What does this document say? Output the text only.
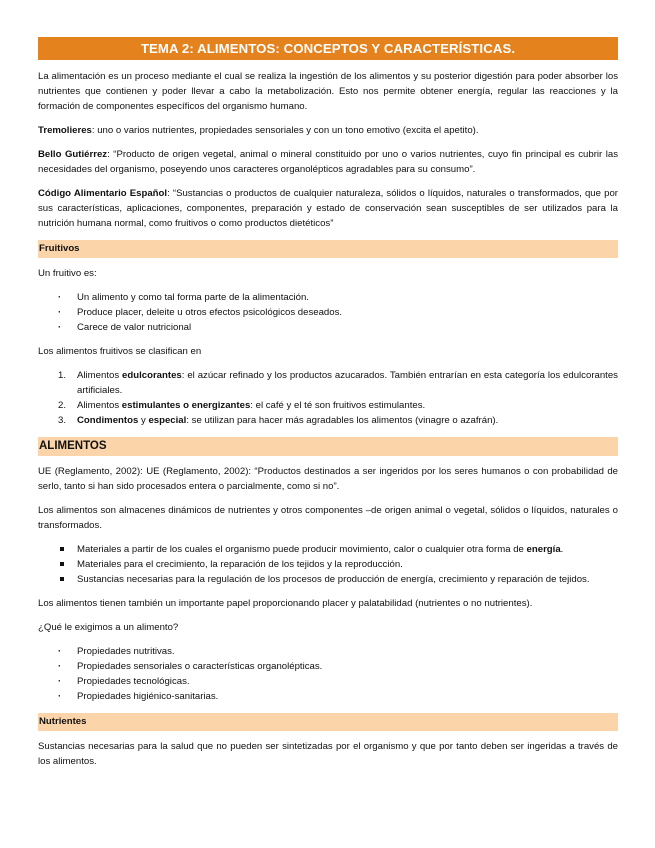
TEMA 2: ALIMENTOS: CONCEPTOS Y CARACTERÍSTICAS.

La alimentación es un proceso mediante el cual se realiza la ingestión de los alimentos y su posterior digestión para poder absorber los nutrientes que contienen y poder llevar a cabo la metabolización. Esto nos permite obtener energía, regular las reacciones y la formación de componentes específicos del organismo humano.

Tremolieres: uno o varios nutrientes, propiedades sensoriales y con un tono emotivo (excita el apetito).

Bello Gutiérrez: “Producto de origen vegetal, animal o mineral constituido por uno o varios nutrientes, cuyo fin principal es cubrir las necesidades del organismo, poseyendo unos caracteres organolépticos agradables para su consumo”.

Código Alimentario Español: “Sustancias o productos de cualquier naturaleza, sólidos o líquidos, naturales o transformados, que por sus características, aplicaciones, componentes, preparación y estado de conservación sean susceptibles de ser utilizados para la nutrición humana normal, como fruitivos o como productos dietéticos”

Fruitivos

Un fruitivo es:

· Un alimento y como tal forma parte de la alimentación.
· Produce placer, deleite u otros efectos psicológicos deseados.
· Carece de valor nutricional

Los alimentos fruitivos se clasifican en

1. Alimentos edulcorantes: el azúcar refinado y los productos azucarados. También entrarían en esta categoría los edulcorantes artificiales.
2. Alimentos estimulantes o energizantes: el café y el té son fruitivos estimulantes.
3. Condimentos y especial: se utilizan para hacer más agradables los alimentos (vinagre o azafrán).
ALIMENTOS

UE (Reglamento, 2002): UE (Reglamento, 2002): “Productos destinados a ser ingeridos por los seres humanos o con probabilidad de serlo, tanto si han sido procesados entera o parcialmente, como si no”.

Los alimentos son almacenes dinámicos de nutrientes y otros componentes –de origen animal o vegetal, sólidos o líquidos, naturales o transformados.

Materiales a partir de los cuales el organismo puede producir movimiento, calor o cualquier otra forma de energía.
Materiales para el crecimiento, la reparación de los tejidos y la reproducción.
Sustancias necesarias para la regulación de los procesos de producción de energía, crecimiento y reparación de tejidos.

Los alimentos tienen también un importante papel proporcionando placer y palatabilidad (nutrientes o no nutrientes).

¿Qué le exigimos a un alimento?

· Propiedades nutritivas.
· Propiedades sensoriales o características organolépticas.
· Propiedades tecnológicas.
· Propiedades higiénico-sanitarias.
Nutrientes

Sustancias necesarias para la salud que no pueden ser sintetizadas por el organismo y que por tanto deben ser ingeridas a través de los alimentos.
